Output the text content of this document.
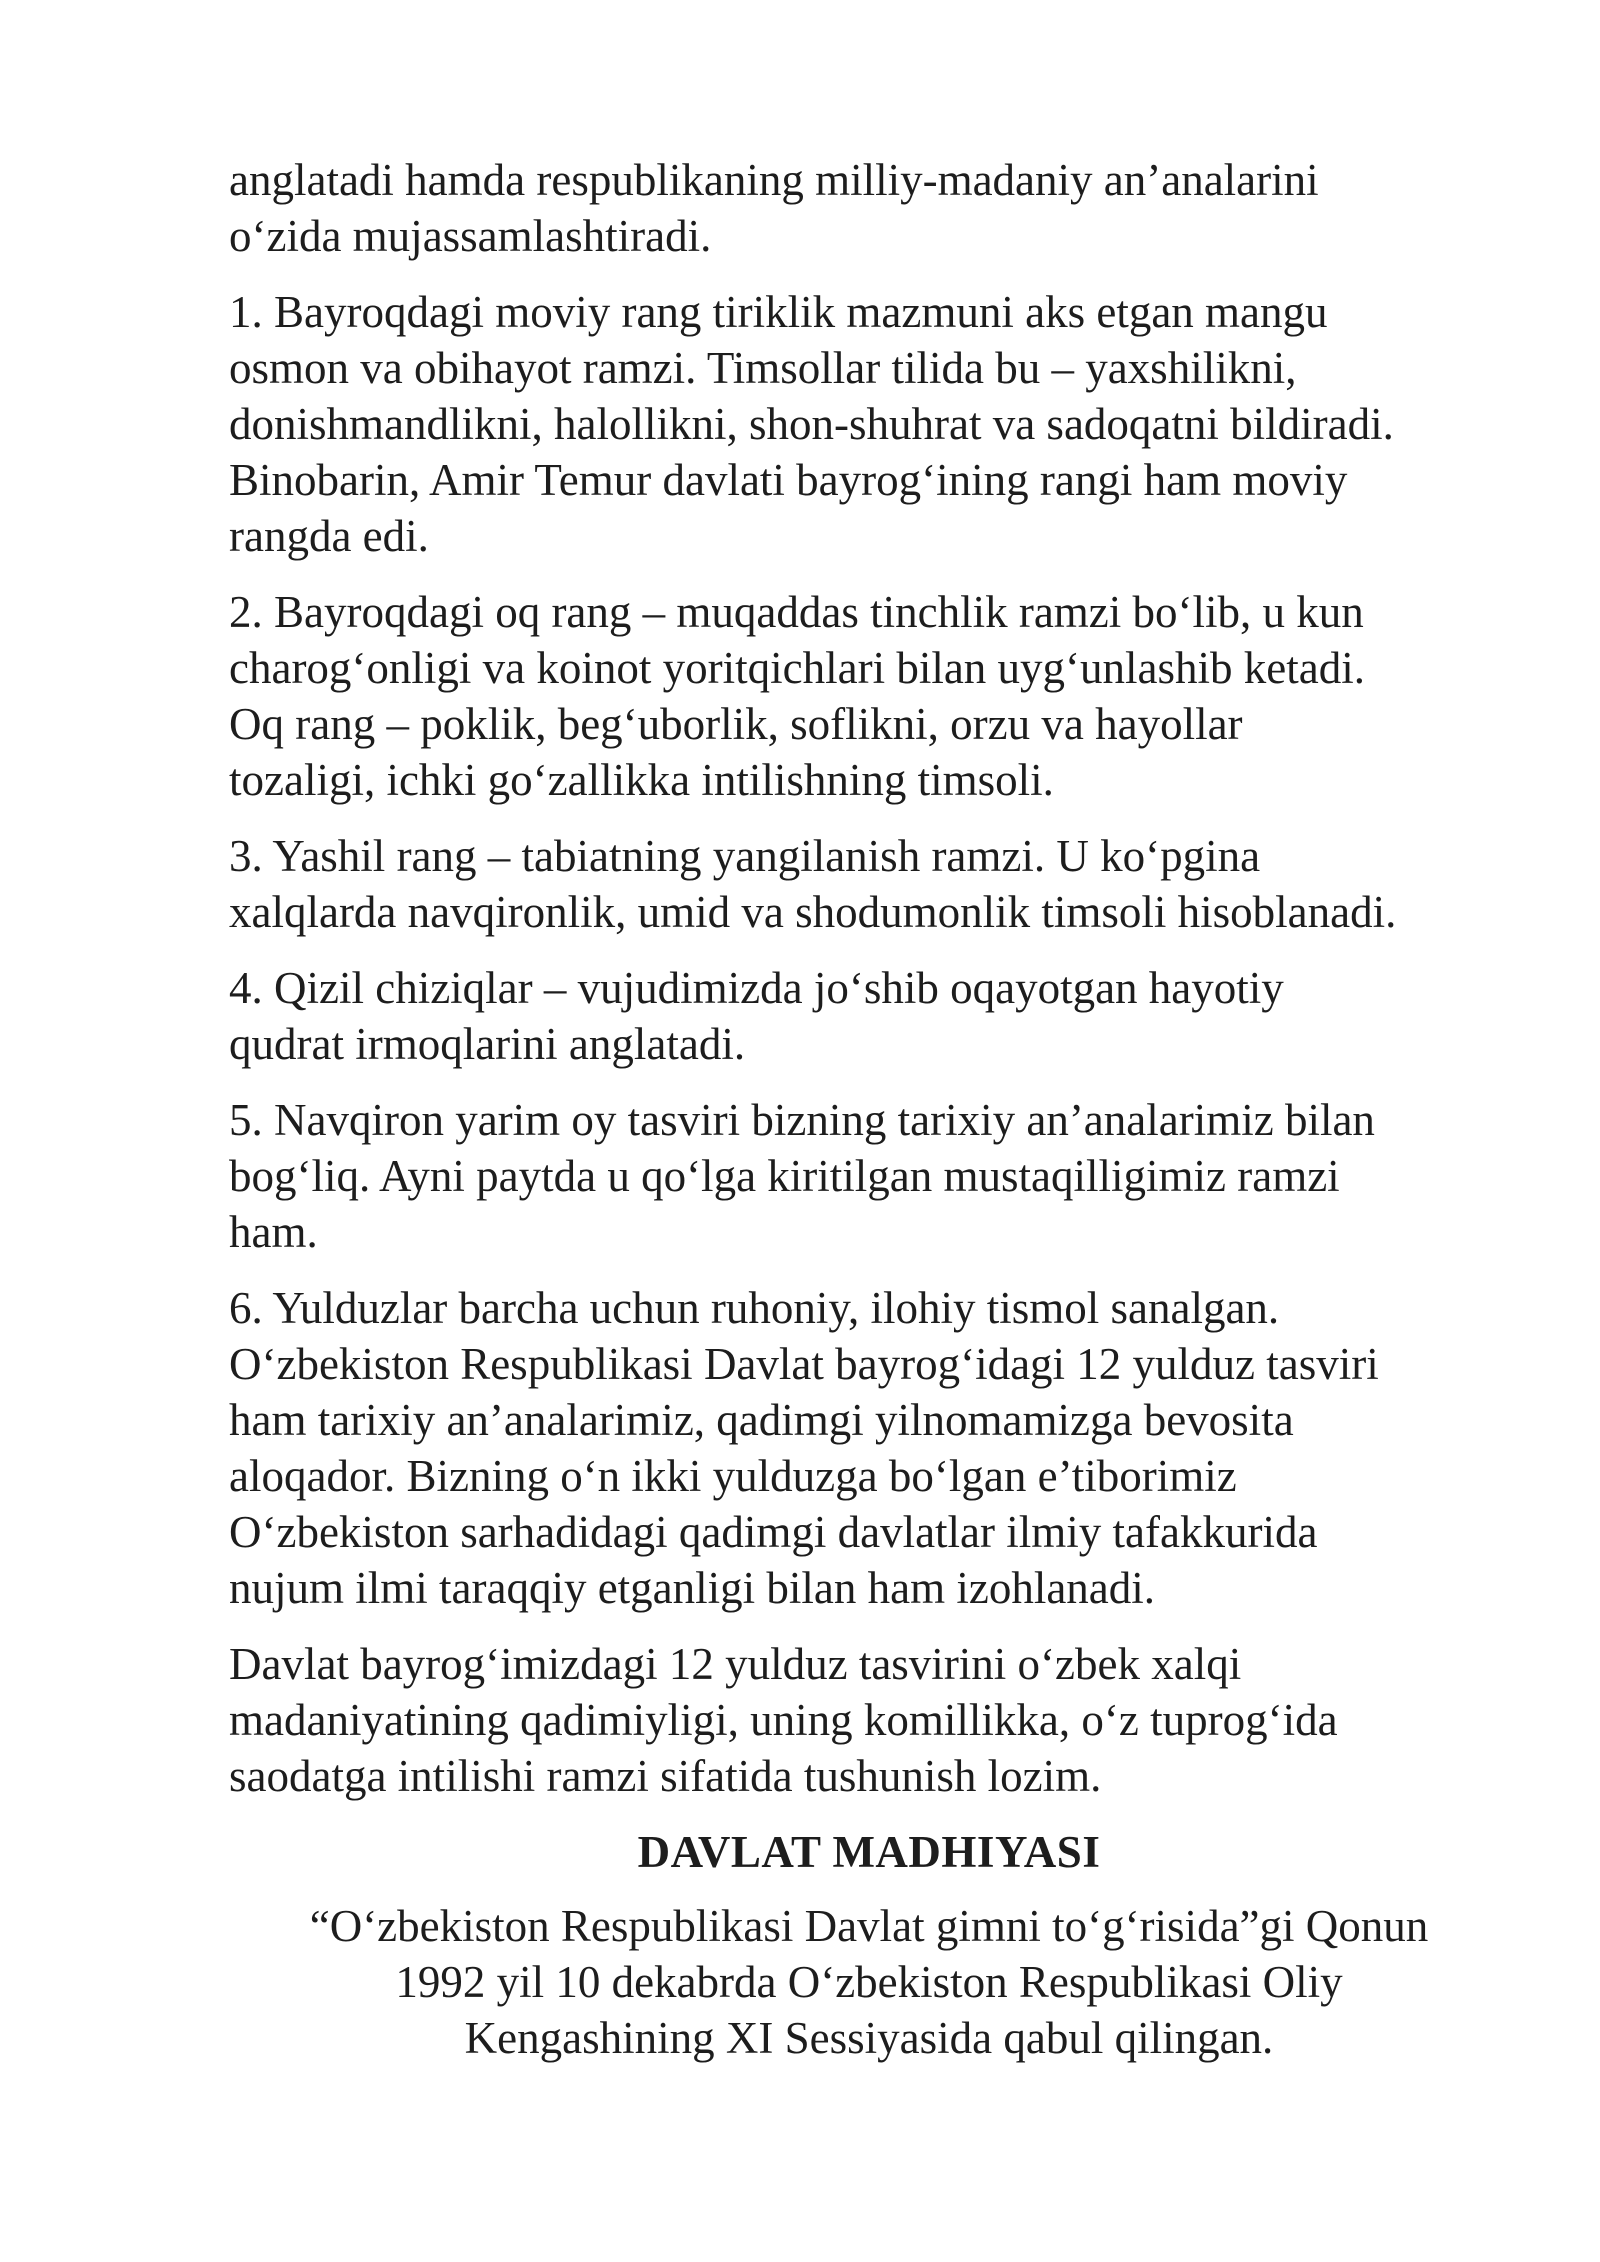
anglatadi hamda respublikaning milliy-madaniy an’analarini
o‘zida mujassamlashtiradi.

1. Bayroqdagi moviy rang tiriklik mazmuni aks etgan mangu
osmon va obihayot ramzi. Timsollar tilida bu – yaxshilikni,
donishmandlikni, halollikni, shon-shuhrat va sadoqatni bildiradi.
Binobarin, Amir Temur davlati bayrog‘ining rangi ham moviy
rangda edi.

2. Bayroqdagi oq rang – muqaddas tinchlik ramzi bo‘lib, u kun
charog‘onligi va koinot yoritqichlari bilan uyg‘unlashib ketadi.
Oq rang – poklik, beg‘uborlik, soflikni, orzu va hayollar
tozaligi, ichki go‘zallikka intilishning timsoli.

3. Yashil rang – tabiatning yangilanish ramzi. U ko‘pgina
xalqlarda navqironlik, umid va shodumonlik timsoli hisoblanadi.

4. Qizil chiziqlar – vujudimizda jo‘shib oqayotgan hayotiy
qudrat irmoqlarini anglatadi.

5. Navqiron yarim oy tasviri bizning tarixiy an’analarimiz bilan
bog‘liq. Ayni paytda u qo‘lga kiritilgan mustaqilligimiz ramzi
ham.

6. Yulduzlar barcha uchun ruhoniy, ilohiy tismol sanalgan.
O‘zbekiston Respublikasi Davlat bayrog‘idagi 12 yulduz tasviri
ham tarixiy an’analarimiz, qadimgi yilnomamizga bevosita
aloqador. Bizning o‘n ikki yulduzga bo‘lgan e’tiborimiz
O‘zbekiston sarhadidagi qadimgi davlatlar ilmiy tafakkurida
nujum ilmi taraqqiy etganligi bilan ham izohlanadi.

Davlat bayrog‘imizdagi 12 yulduz tasvirini o‘zbek xalqi
madaniyatining qadimiyligi, uning komillikka, o‘z tuprog‘ida
saodatga intilishi ramzi sifatida tushunish lozim.

DAVLAT MADHIYASI

“O‘zbekiston Respublikasi Davlat gimni to‘g‘risida”gi Qonun
1992 yil 10 dekabrda O‘zbekiston Respublikasi Oliy
Kengashining XI Sessiyasida qabul qilingan.
